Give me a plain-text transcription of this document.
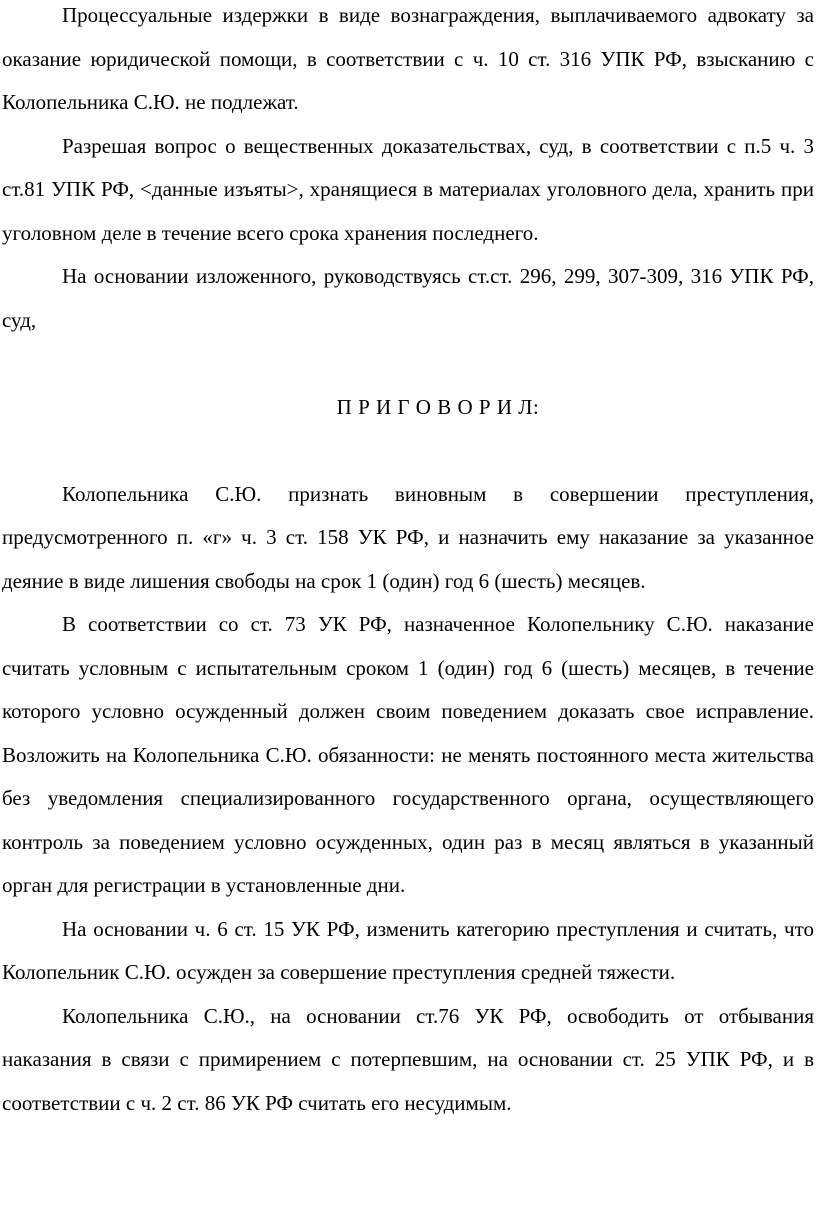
Процессуальные издержки в виде вознаграждения, выплачиваемого адвокату за оказание юридической помощи, в соответствии с ч. 10 ст. 316 УПК РФ, взысканию с Колопельника С.Ю. не подлежат.

Разрешая вопрос о вещественных доказательствах, суд, в соответствии с п.5 ч. 3 ст.81 УПК РФ, <данные изъяты>, хранящиеся в материалах уголовного дела, хранить при уголовном деле в течение всего срока хранения последнего.

На основании изложенного, руководствуясь ст.ст. 296, 299, 307-309, 316 УПК РФ, суд,

П Р И Г О В О Р И Л:

Колопельника С.Ю. признать виновным в совершении преступления, предусмотренного п. «г» ч. 3 ст. 158 УК РФ, и назначить ему наказание за указанное деяние в виде лишения свободы на срок 1 (один) год 6 (шесть) месяцев.

В соответствии со ст. 73 УК РФ, назначенное Колопельнику С.Ю. наказание считать условным с испытательным сроком 1 (один) год 6 (шесть) месяцев, в течение которого условно осужденный должен своим поведением доказать свое исправление. Возложить на Колопельника С.Ю. обязанности: не менять постоянного места жительства без уведомления специализированного государственного органа, осуществляющего контроль за поведением условно осужденных, один раз в месяц являться в указанный орган для регистрации в установленные дни.

На основании ч. 6 ст. 15 УК РФ, изменить категорию преступления и считать, что Колопельник С.Ю. осужден за совершение преступления средней тяжести.

Колопельника С.Ю., на основании ст.76 УК РФ, освободить от отбывания наказания в связи с примирением с потерпевшим, на основании ст. 25 УПК РФ, и в соответствии с ч. 2 ст. 86 УК РФ считать его несудимым.
